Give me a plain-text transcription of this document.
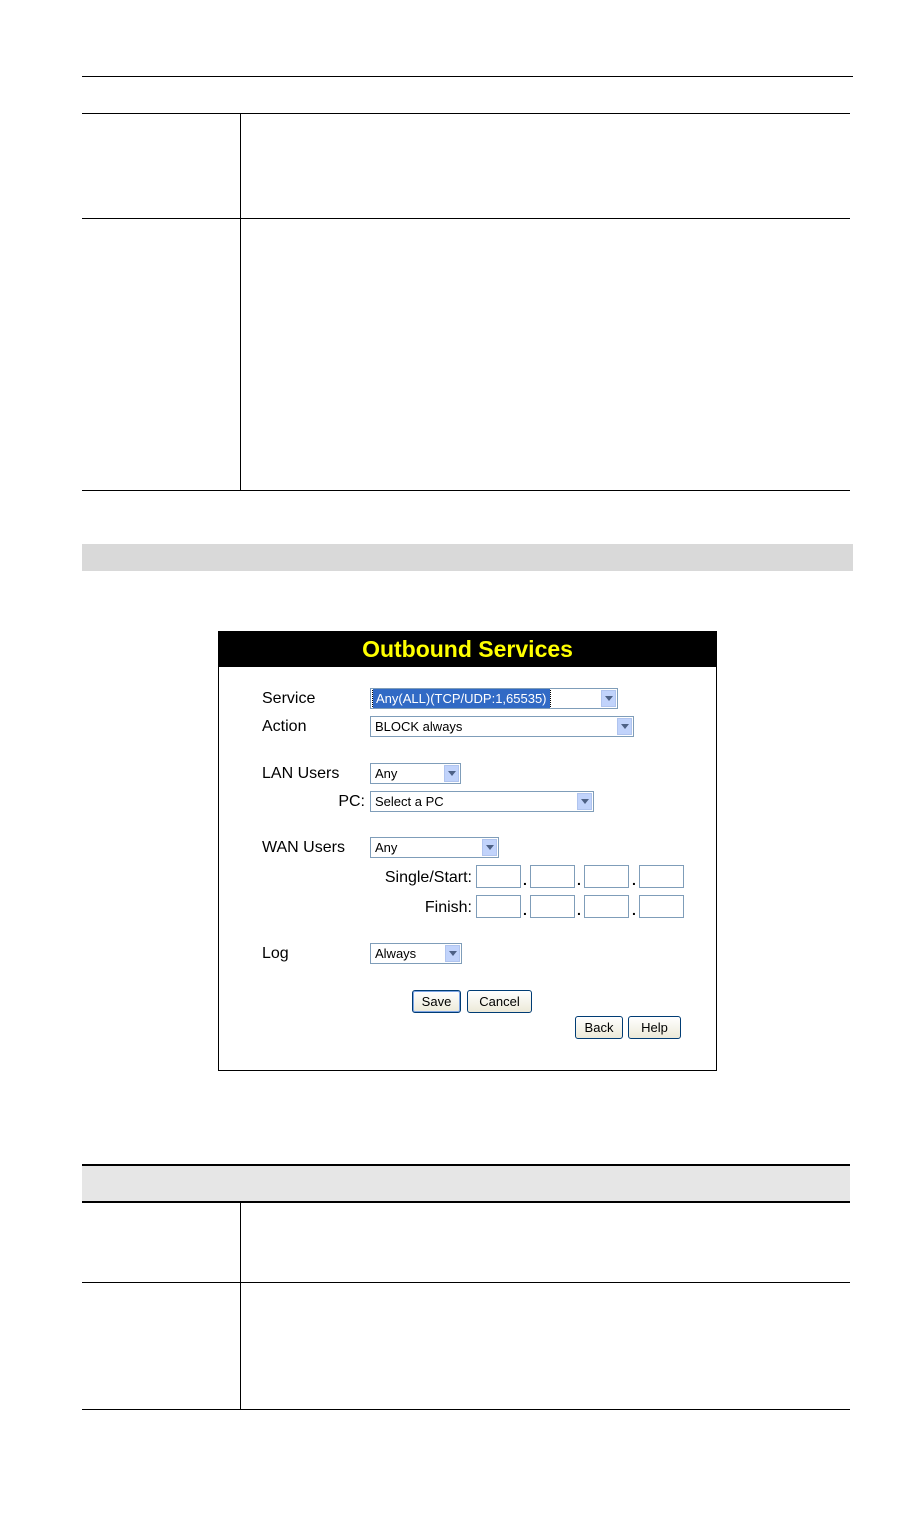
Outbound Services
Service	Any(ALL)(TCP/UDP:1,65535)
Action	BLOCK always
LAN Users	Any
PC: Select a PC
WAN Users	Any
Single/Start:	.	.	.
Finish:	.	.	.
Log	Always
Save	Cancel
Back	Help
